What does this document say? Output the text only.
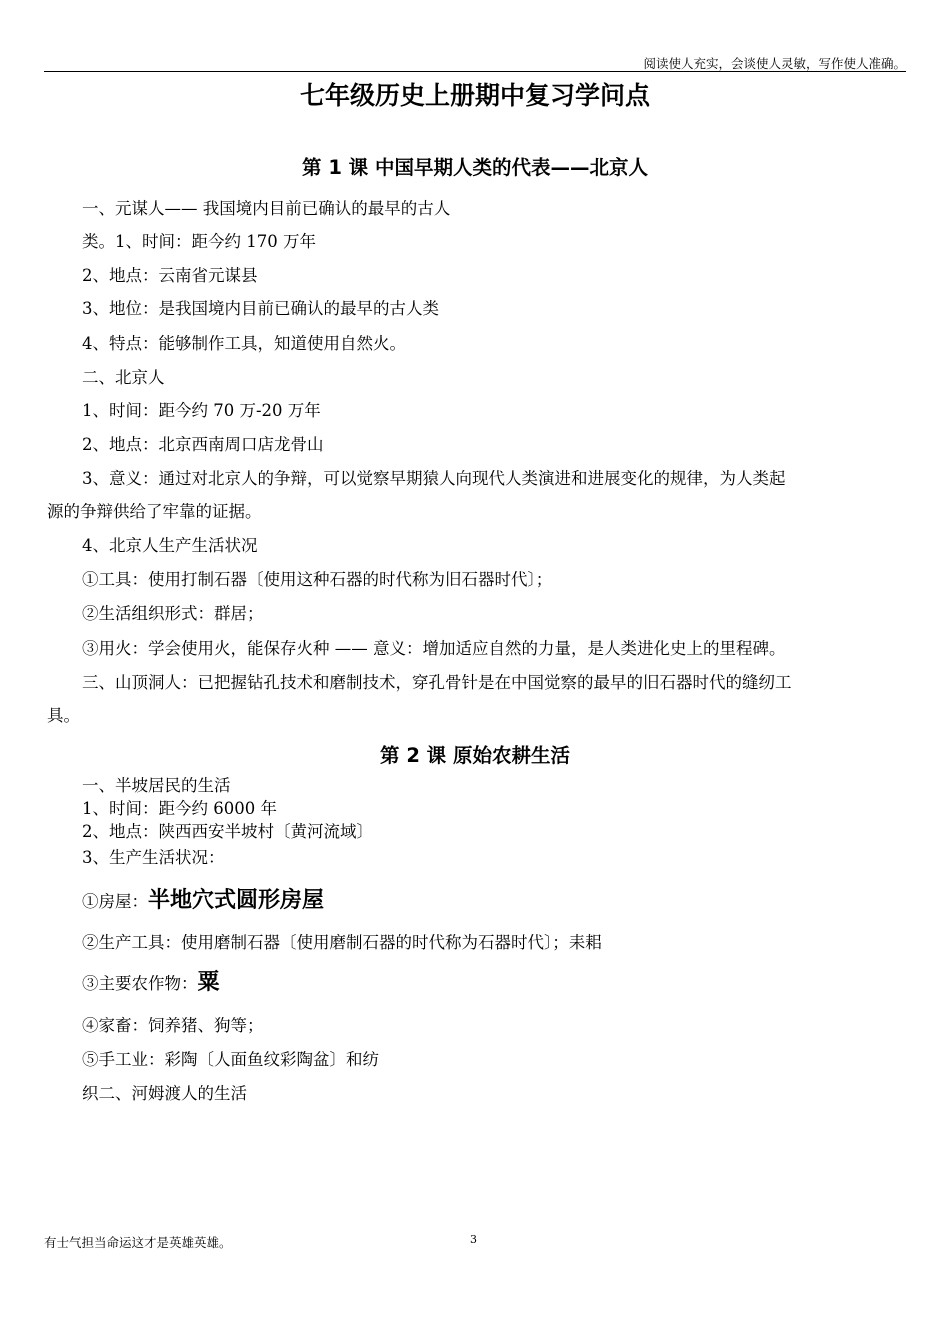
阅读使人充实，会谈使人灵敏，写作使人准确。
七年级历史上册期中复习学问点
第 1 课 中国早期人类的代表——北京人
一、元谋人—— 我国境内目前已确认的最早的古人
类。1、时间：距今约 170 万年
2、地点：云南省元谋县
3、地位：是我国境内目前已确认的最早的古人类
4、特点：能够制作工具，知道使用自然火。
二、北京人
1、时间：距今约 70 万-20 万年
2、地点：北京西南周口店龙骨山
3、意义：通过对北京人的争辩，可以觉察早期猿人向现代人类演进和进展变化的规律，为人类起
源的争辩供给了牢靠的证据。
4、北京人生产生活状况
①工具：使用打制石器〔使用这种石器的时代称为旧石器时代〕；
②生活组织形式：群居；
③用火：学会使用火，能保存火种 —— 意义：增加适应自然的力量，是人类进化史上的里程碑。
三、山顶洞人：已把握钻孔技术和磨制技术，穿孔骨针是在中国觉察的最早的旧石器时代的缝纫工
具。
第 2 课 原始农耕生活
一、半坡居民的生活
1、时间：距今约 6000 年
2、地点：陕西西安半坡村〔黄河流域〕
3、生产生活状况：
①房屋：半地穴式圆形房屋
②生产工具：使用磨制石器〔使用磨制石器的时代称为石器时代〕；耒耜
③主要农作物：粟
④家畜：饲养猪、狗等；
⑤手工业：彩陶〔人面鱼纹彩陶盆〕和纺
织二、河姆渡人的生活
有士气担当命运这才是英雄英雄。	3
